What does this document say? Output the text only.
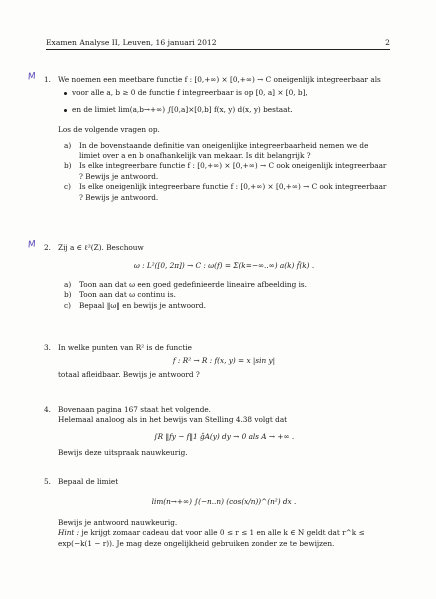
Examen Analyse II, Leuven, 16 januari 2012	2
M 1. We noemen een meetbare functie f : [0,+∞) × [0,+∞) → C oneigenlijk integreerbaar als
voor alle a, b ≥ 0 de functie f integreerbaar is op [0, a] × [0, b],
en de limiet lim(a,b→+∞) ∫[0,a]×[0,b] f(x, y) d(x, y) bestaat.
Los de volgende vragen op.
a)	In de bovenstaande definitie van oneigenlijke integreerbaarheid nemen we de limiet over a en b onafhankelijk van mekaar. Is dit belangrijk ?
b)	Is elke integreerbare functie f : [0,+∞) × [0,+∞) → C ook oneigenlijk integreerbaar ? Bewijs je antwoord.
c)	Is elke oneigenlijk integreerbare functie f : [0,+∞) × [0,+∞) → C ook integreerbaar ? Bewijs je antwoord.
M 2. Zij a ∈ ℓ²(Z). Beschouw
ω : L²([0, 2π]) → C : ω(f) = Σ(k=−∞..∞) a(k) f̂(k) .
a)	Toon aan dat ω een goed gedefinieerde lineaire afbeelding is.
b)	Toon aan dat ω continu is.
c)	Bepaal ‖ω‖ en bewijs je antwoord.
3. In welke punten van R² is de functie
f : R² → R : f(x, y) = x |sin y|
totaal afleidbaar. Bewijs je antwoord ?
4. Bovenaan pagina 167 staat het volgende.
Helemaal analoog als in het bewijs van Stelling 4.38 volgt dat
∫R ‖fy − f‖1 ǧA(y) dy → 0 als A → +∞ .
Bewijs deze uitspraak nauwkeurig.
5. Bepaal de limiet
lim(n→+∞) ∫(−n..n) (cos(x/n))^(n²) dx .
Bewijs je antwoord nauwkeurig.
Hint : je krijgt zomaar cadeau dat voor alle 0 ≤ r ≤ 1 en alle k ∈ N geldt dat r^k ≤ exp(−k(1 − r)). Je mag deze ongelijkheid gebruiken zonder ze te bewijzen.
